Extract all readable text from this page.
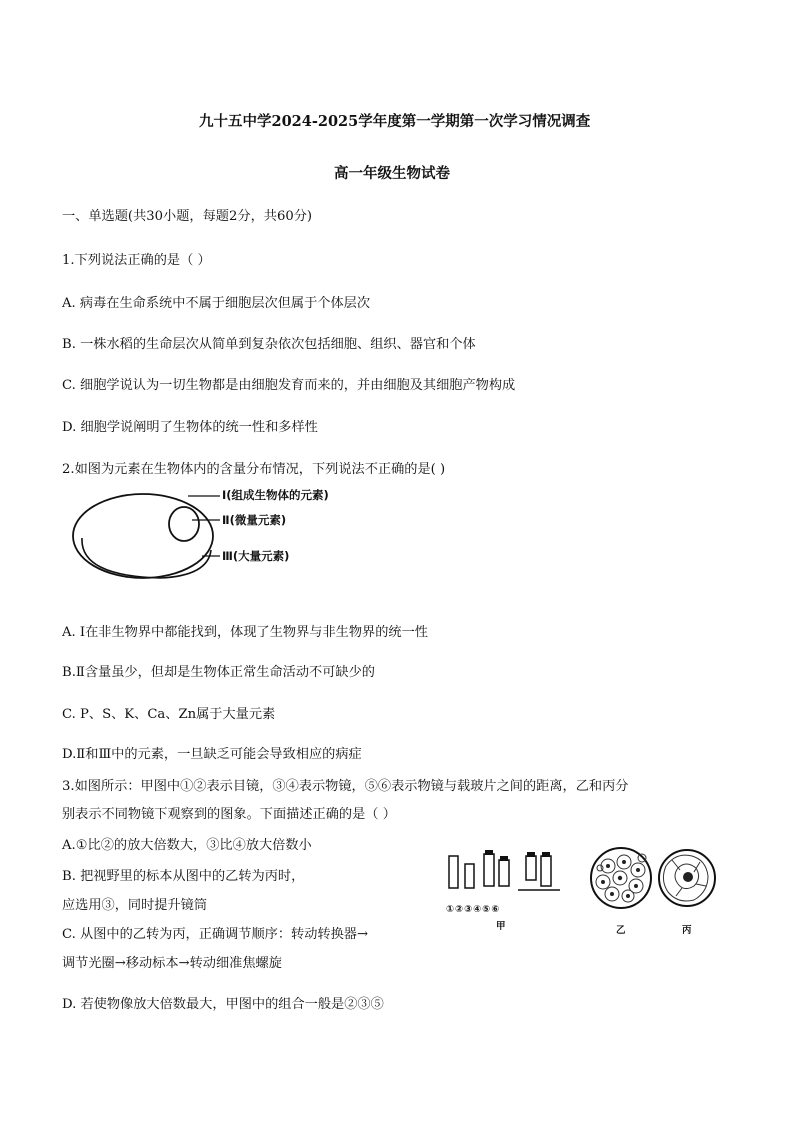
九十五中学2024-2025学年度第一学期第一次学习情况调查
高一年级生物试卷
一、单选题(共30小题，每题2分，共60分)
1.下列说法正确的是（ ）
A. 病毒在生命系统中不属于细胞层次但属于个体层次
B. 一株水稻的生命层次从简单到复杂依次包括细胞、组织、器官和个体
C. 细胞学说认为一切生物都是由细胞发育而来的，并由细胞及其细胞产物构成
D. 细胞学说阐明了生物体的统一性和多样性
2.如图为元素在生物体内的含量分布情况，下列说法不正确的是( )
Ⅰ(组成生物体的元素)
Ⅱ(微量元素)
Ⅲ(大量元素)
A. Ⅰ在非生物界中都能找到，体现了生物界与非生物界的统一性
B.Ⅱ含量虽少，但却是生物体正常生命活动不可缺少的
C. P、S、K、Ca、Zn属于大量元素
D.Ⅱ和Ⅲ中的元素，一旦缺乏可能会导致相应的病症
3.如图所示：甲图中①②表示目镜，③④表示物镜，⑤⑥表示物镜与载玻片之间的距离，乙和丙分
别表示不同物镜下观察到的图象。下面描述正确的是（ ）
A.①比②的放大倍数大，③比④放大倍数小
B. 把视野里的标本从图中的乙转为丙时，
应选用③，同时提升镜筒
C. 从图中的乙转为丙，正确调节顺序：转动转换器→
调节光圈→移动标本→转动细准焦螺旋
D. 若使物像放大倍数最大，甲图中的组合一般是②③⑤
①②③④⑤⑥
甲	乙	丙
